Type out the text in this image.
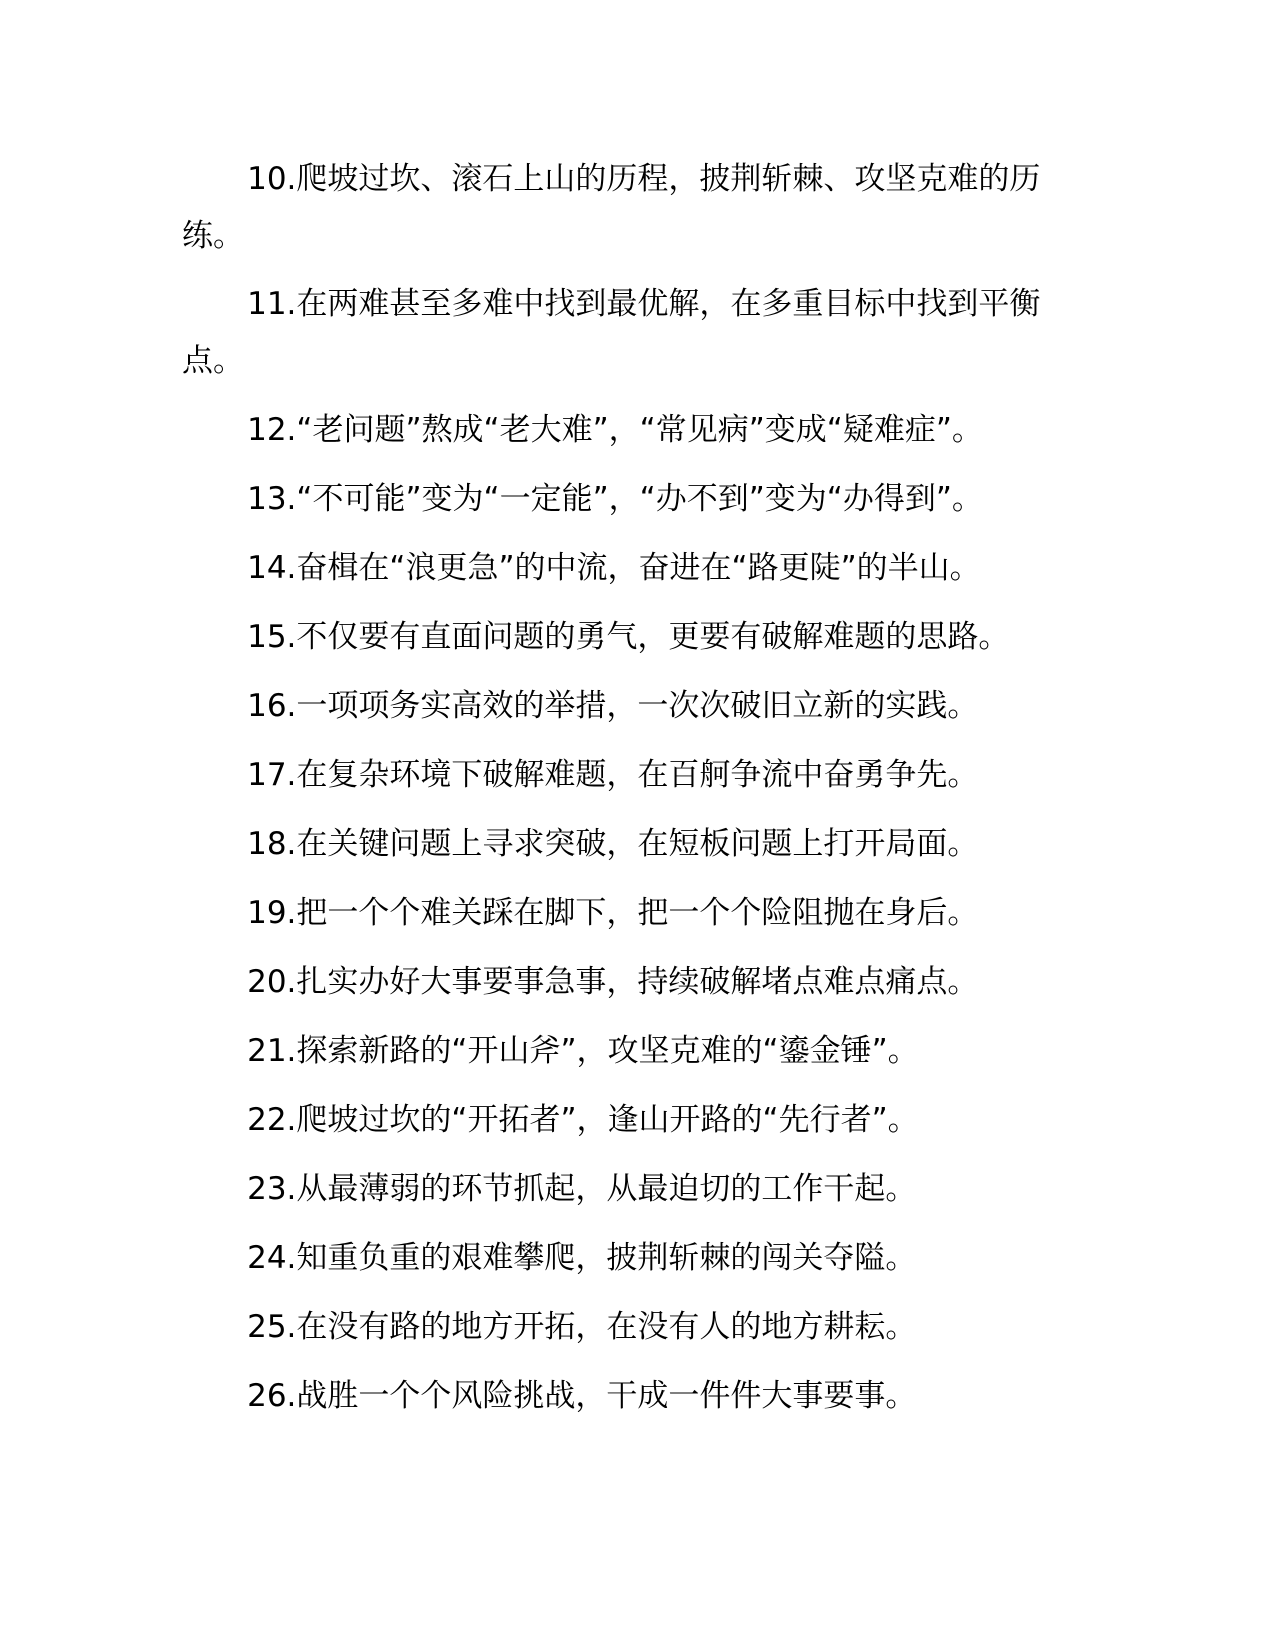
10.爬坡过坎、滚石上山的历程，披荆斩棘、攻坚克难的历练。

11.在两难甚至多难中找到最优解，在多重目标中找到平衡点。

12.“老问题”熬成“老大难”，“常见病”变成“疑难症”。

13.“不可能”变为“一定能”，“办不到”变为“办得到”。

14.奋楫在“浪更急”的中流，奋进在“路更陡”的半山。

15.不仅要有直面问题的勇气，更要有破解难题的思路。

16.一项项务实高效的举措，一次次破旧立新的实践。

17.在复杂环境下破解难题，在百舸争流中奋勇争先。

18.在关键问题上寻求突破，在短板问题上打开局面。

19.把一个个难关踩在脚下，把一个个险阻抛在身后。

20.扎实办好大事要事急事，持续破解堵点难点痛点。

21.探索新路的“开山斧”，攻坚克难的“鎏金锤”。

22.爬坡过坎的“开拓者”，逢山开路的“先行者”。

23.从最薄弱的环节抓起，从最迫切的工作干起。

24.知重负重的艰难攀爬，披荆斩棘的闯关夺隘。

25.在没有路的地方开拓，在没有人的地方耕耘。

26.战胜一个个风险挑战，干成一件件大事要事。
